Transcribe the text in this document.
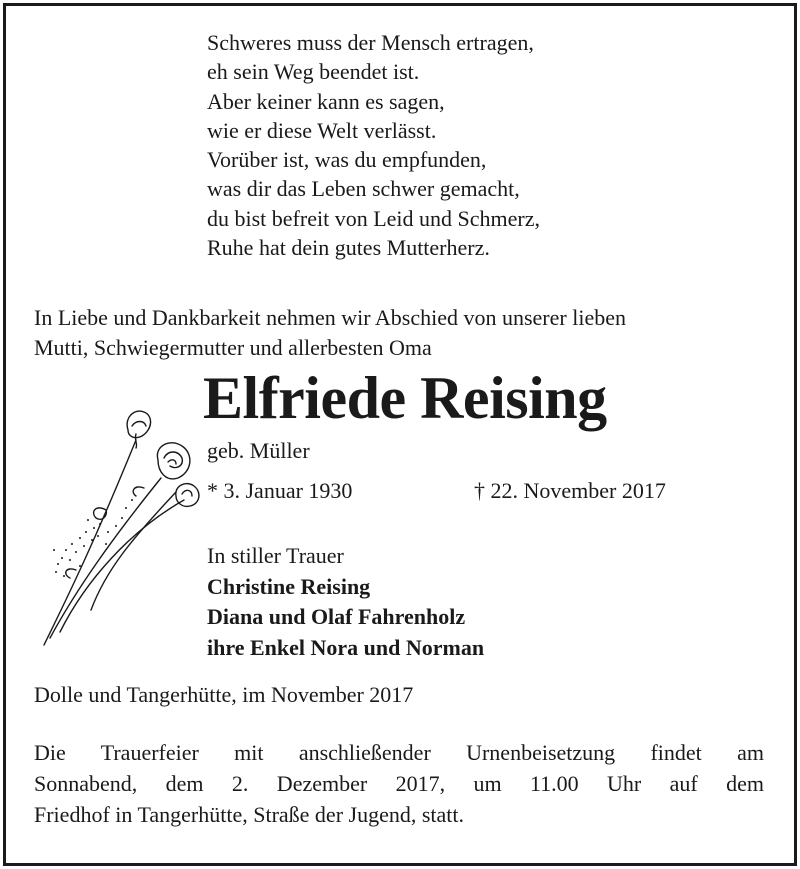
Schweres muss der Mensch ertragen,
eh sein Weg beendet ist.
Aber keiner kann es sagen,
wie er diese Welt verlässt.
Vorüber ist, was du empfunden,
was dir das Leben schwer gemacht,
du bist befreit von Leid und Schmerz,
Ruhe hat dein gutes Mutterherz.
In Liebe und Dankbarkeit nehmen wir Abschied von unserer lieben
Mutti, Schwiegermutter und allerbesten Oma
Elfriede Reising
geb. Müller
* 3. Januar 1930	† 22. November 2017
In stiller Trauer
Christine Reising
Diana und Olaf Fahrenholz
ihre Enkel Nora und Norman
Dolle und Tangerhütte, im November 2017
Die Trauerfeier mit anschließender Urnenbeisetzung findet am
Sonnabend, dem 2. Dezember 2017, um 11.00 Uhr auf dem
Friedhof in Tangerhütte, Straße der Jugend, statt.
